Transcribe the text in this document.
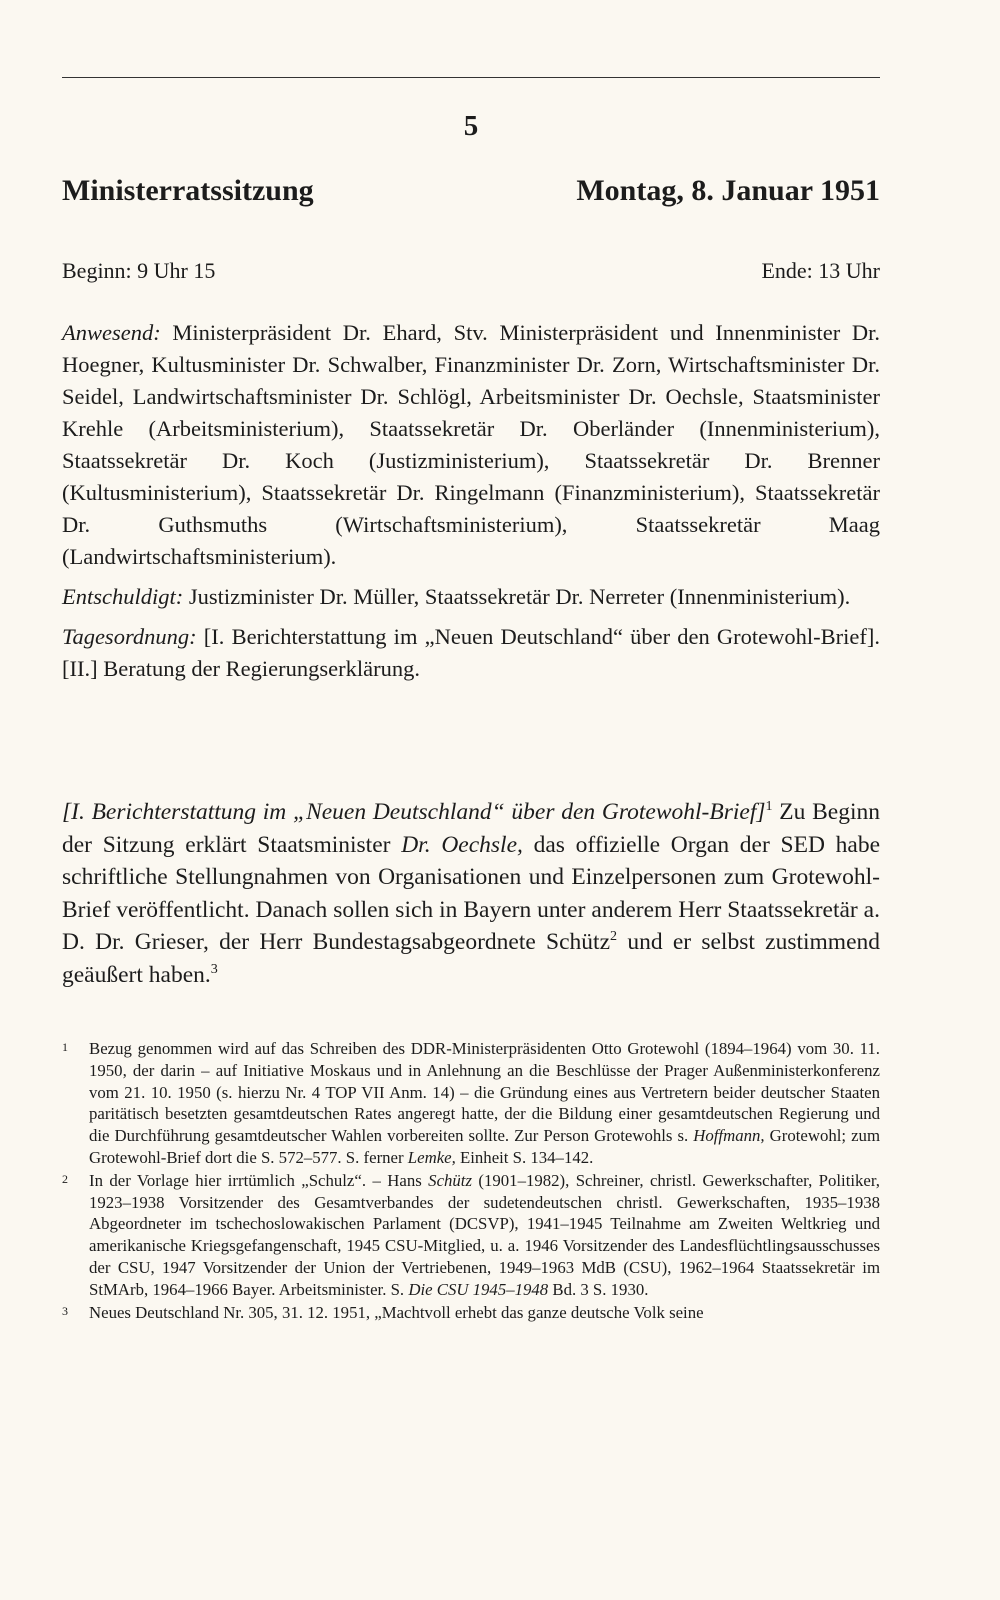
5
Ministerratssitzung	Montag, 8. Januar 1951
Beginn: 9 Uhr 15	Ende: 13 Uhr

Anwesend: Ministerpräsident Dr. Ehard, Stv. Ministerpräsident und Innenminister Dr. Hoegner, Kultusminister Dr. Schwalber, Finanzminister Dr. Zorn, Wirtschaftsminister Dr. Seidel, Landwirtschaftsminister Dr. Schlögl, Arbeitsminister Dr. Oechsle, Staatsminister Krehle (Arbeitsministerium), Staatssekretär Dr. Oberländer (Innenministerium), Staatssekretär Dr. Koch (Justizministerium), Staatssekretär Dr. Brenner (Kultusministerium), Staatssekretär Dr. Ringelmann (Finanzministerium), Staatssekretär Dr. Guthsmuths (Wirtschaftsministerium), Staatssekretär Maag (Landwirtschaftsministerium).

Entschuldigt: Justizminister Dr. Müller, Staatssekretär Dr. Nerreter (Innenministerium).

Tagesordnung: [I. Berichterstattung im „Neuen Deutschland“ über den Grotewohl-Brief]. [II.] Beratung der Regierungserklärung.

[I. Berichterstattung im „Neuen Deutschland“ über den Grotewohl-Brief]$^1$ Zu Beginn der Sitzung erklärt Staatsminister Dr. Oechsle, das offizielle Organ der SED habe schriftliche Stellungnahmen von Organisationen und Einzelpersonen zum Grotewohl-Brief veröffentlicht. Danach sollen sich in Bayern unter anderem Herr Staatssekretär a. D. Dr. Grieser, der Herr Bundestagsabgeordnete Schütz$^2$ und er selbst zustimmend geäußert haben.$^3$

1	Bezug genommen wird auf das Schreiben des DDR-Ministerpräsidenten Otto Grotewohl (1894–1964) vom 30. 11. 1950, der darin – auf Initiative Moskaus und in Anlehnung an die Beschlüsse der Prager Außenministerkonferenz vom 21. 10. 1950 (s. hierzu Nr. 4 TOP VII Anm. 14) – die Gründung eines aus Vertretern beider deutscher Staaten paritätisch besetzten gesamtdeutschen Rates angeregt hatte, der die Bildung einer gesamtdeutschen Regierung und die Durchführung gesamtdeutscher Wahlen vorbereiten sollte. Zur Person Grotewohls s. Hoffmann, Grotewohl; zum Grotewohl-Brief dort die S. 572–577. S. ferner Lemke, Einheit S. 134–142.
2	In der Vorlage hier irrtümlich „Schulz“. – Hans Schütz (1901–1982), Schreiner, christl. Gewerkschafter, Politiker, 1923–1938 Vorsitzender des Gesamtverbandes der sudetendeutschen christl. Gewerkschaften, 1935–1938 Abgeordneter im tschechoslowakischen Parlament (DCSVP), 1941–1945 Teilnahme am Zweiten Weltkrieg und amerikanische Kriegsgefangenschaft, 1945 CSU-Mitglied, u. a. 1946 Vorsitzender des Landesflüchtlingsausschusses der CSU, 1947 Vorsitzender der Union der Vertriebenen, 1949–1963 MdB (CSU), 1962–1964 Staatssekretär im StMArb, 1964–1966 Bayer. Arbeitsminister. S. Die CSU 1945–1948 Bd. 3 S. 1930.
3	Neues Deutschland Nr. 305, 31. 12. 1951, „Machtvoll erhebt das ganze deutsche Volk seine
